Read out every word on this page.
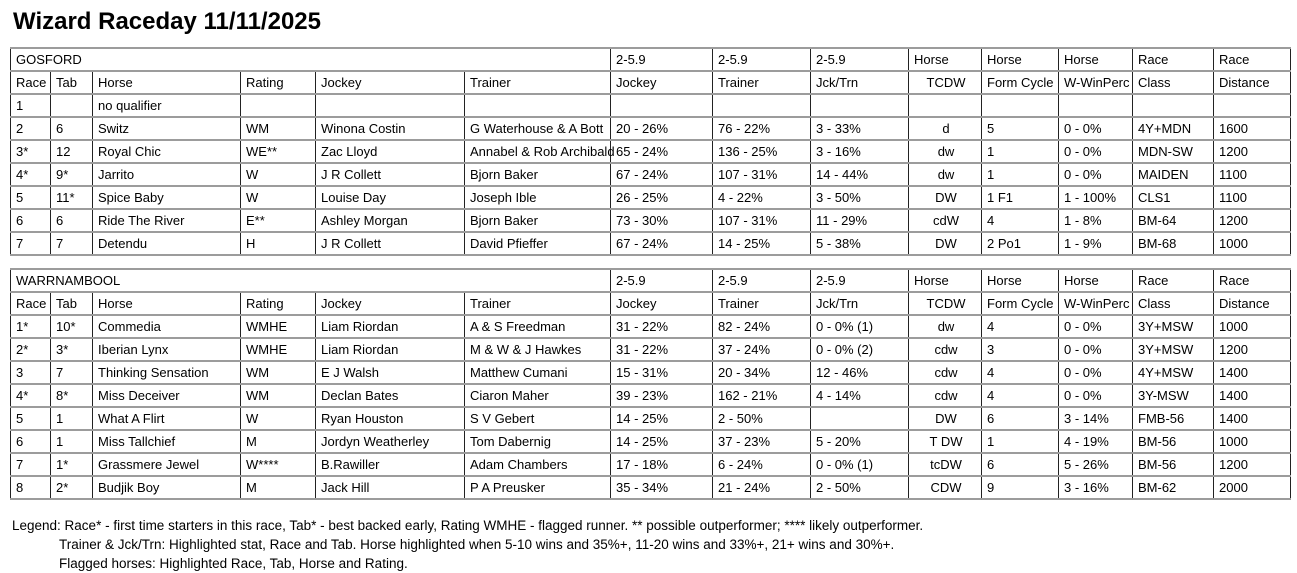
Wizard Raceday 11/11/2025
GOSFORD						2-5.9	2-5.9	2-5.9	Horse	Horse	Horse	Race	Race
Race	Tab	Horse	Rating	Jockey	Trainer	Jockey	Trainer	Jck/Trn	TCDW	Form Cycle	W-WinPerc	Class	Distance
1		no qualifier											
2	6	Switz	WM	Winona Costin	G Waterhouse & A Bott	20 - 26%	76 - 22%	3 - 33%	d	5	0 - 0%	4Y+MDN	1600
3*	12	Royal Chic	WE**	Zac Lloyd	Annabel & Rob Archibald	65 - 24%	136 - 25%	3 - 16%	dw	1	0 - 0%	MDN-SW	1200
4*	9*	Jarrito	W	J R Collett	Bjorn Baker	67 - 24%	107 - 31%	14 - 44%	dw	1	0 - 0%	MAIDEN	1100
5	11*	Spice Baby	W	Louise Day	Joseph Ible	26 - 25%	4 - 22%	3 - 50%	DW	1 F1	1 - 100%	CLS1	1100
6	6	Ride The River	E**	Ashley Morgan	Bjorn Baker	73 - 30%	107 - 31%	11 - 29%	cdW	4	1 - 8%	BM-64	1200
7	7	Detendu	H	J R Collett	David Pfieffer	67 - 24%	14 - 25%	5 - 38%	DW	2 Po1	1 - 9%	BM-68	1000
WARRNAMBOOL						2-5.9	2-5.9	2-5.9	Horse	Horse	Horse	Race	Race
Race	Tab	Horse	Rating	Jockey	Trainer	Jockey	Trainer	Jck/Trn	TCDW	Form Cycle	W-WinPerc	Class	Distance
1*	10*	Commedia	WMHE	Liam Riordan	A & S Freedman	31 - 22%	82 - 24%	0 - 0% (1)	dw	4	0 - 0%	3Y+MSW	1000
2*	3*	Iberian Lynx	WMHE	Liam Riordan	M & W & J Hawkes	31 - 22%	37 - 24%	0 - 0% (2)	cdw	3	0 - 0%	3Y+MSW	1200
3	7	Thinking Sensation	WM	E J Walsh	Matthew Cumani	15 - 31%	20 - 34%	12 - 46%	cdw	4	0 - 0%	4Y+MSW	1400
4*	8*	Miss Deceiver	WM	Declan Bates	Ciaron Maher	39 - 23%	162 - 21%	4 - 14%	cdw	4	0 - 0%	3Y-MSW	1400
5	1	What A Flirt	W	Ryan Houston	S V Gebert	14 - 25%	2 - 50%		DW	6	3 - 14%	FMB-56	1400
6	1	Miss Tallchief	M	Jordyn Weatherley	Tom Dabernig	14 - 25%	37 - 23%	5 - 20%	T DW	1	4 - 19%	BM-56	1000
7	1*	Grassmere Jewel	W****	B.Rawiller	Adam Chambers	17 - 18%	6 - 24%	0 - 0% (1)	tcDW	6	5 - 26%	BM-56	1200
8	2*	Budjik Boy	M	Jack Hill	P A Preusker	35 - 34%	21 - 24%	2 - 50%	CDW	9	3 - 16%	BM-62	2000
Legend: Race* - first time starters in this race, Tab* - best backed early, Rating WMHE - flagged runner. ** possible outperformer; **** likely outperformer.
Trainer & Jck/Trn: Highlighted stat, Race and Tab. Horse highlighted when 5-10 wins and 35%+, 11-20 wins and 33%+, 21+ wins and 30%+.
Flagged horses: Highlighted Race, Tab, Horse and Rating.
